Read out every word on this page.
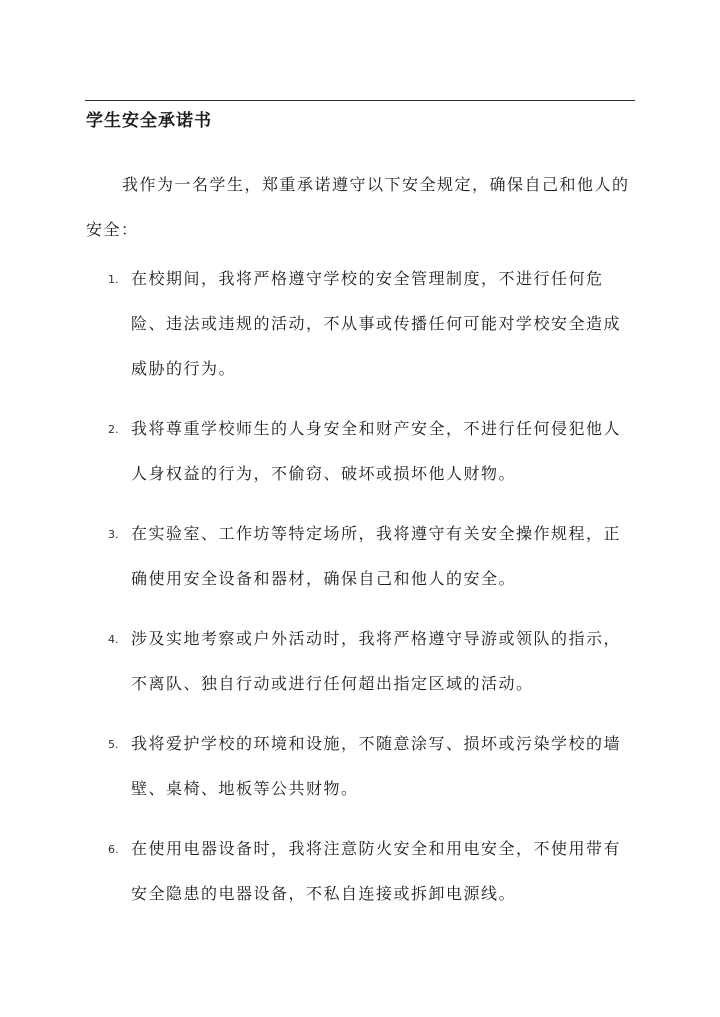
学生安全承诺书

我作为一名学生，郑重承诺遵守以下安全规定，确保自己和他人的安全：

1. 在校期间，我将严格遵守学校的安全管理制度，不进行任何危险、违法或违规的活动，不从事或传播任何可能对学校安全造成威胁的行为。
2. 我将尊重学校师生的人身安全和财产安全，不进行任何侵犯他人人身权益的行为，不偷窃、破坏或损坏他人财物。
3. 在实验室、工作坊等特定场所，我将遵守有关安全操作规程，正确使用安全设备和器材，确保自己和他人的安全。
4. 涉及实地考察或户外活动时，我将严格遵守导游或领队的指示，不离队、独自行动或进行任何超出指定区域的活动。
5. 我将爱护学校的环境和设施，不随意涂写、损坏或污染学校的墙壁、桌椅、地板等公共财物。
6. 在使用电器设备时，我将注意防火安全和用电安全，不使用带有安全隐患的电器设备，不私自连接或拆卸电源线。
